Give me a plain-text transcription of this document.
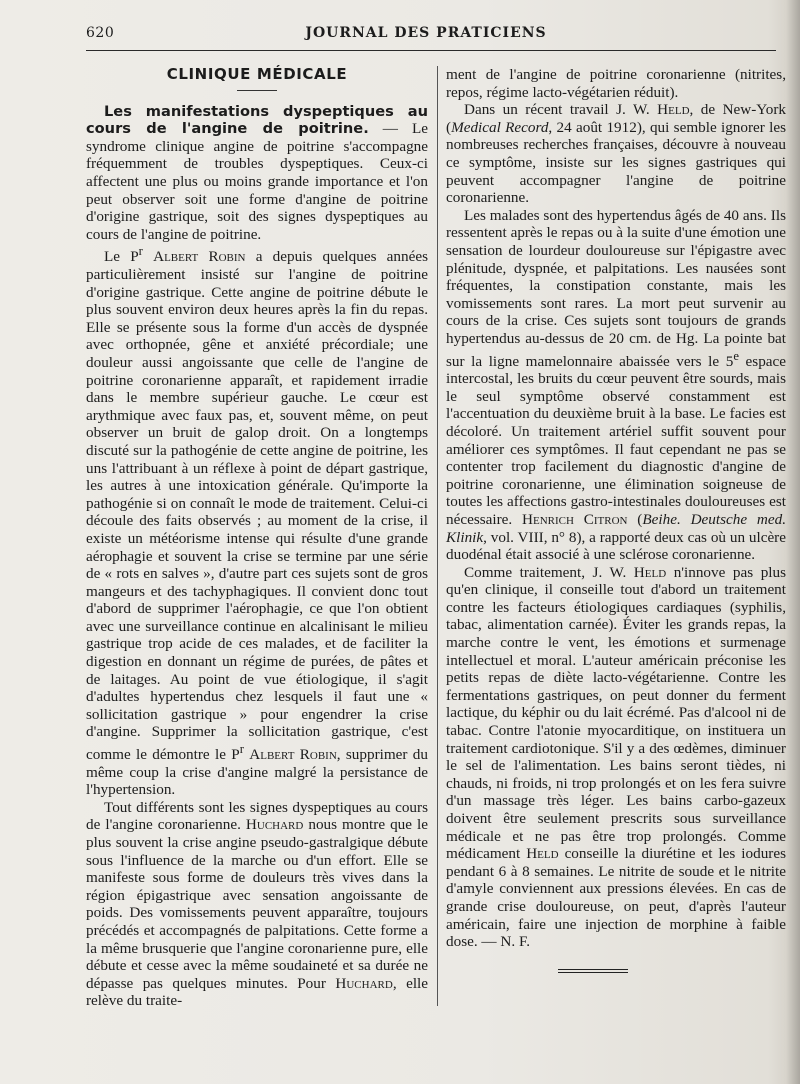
620	JOURNAL DES PRATICIENS
CLINIQUE MÉDICALE

Les manifestations dyspeptiques au cours de l'angine de poitrine. — Le syndrome clinique angine de poitrine s'accompagne fréquemment de troubles dyspeptiques. Ceux-ci affectent une plus ou moins grande importance et l'on peut observer soit une forme d'angine de poitrine d'origine gastrique, soit des signes dyspeptiques au cours de l'angine de poitrine.

Le $P^r$ Albert Robin a depuis quelques années particulièrement insisté sur l'angine de poitrine d'origine gastrique. Cette angine de poitrine débute le plus souvent environ deux heures après la fin du repas. Elle se présente sous la forme d'un accès de dyspnée avec orthopnée, gêne et anxiété précordiale; une douleur aussi angoissante que celle de l'angine de poitrine coronarienne apparaît, et rapidement irradie dans le membre supérieur gauche. Le cœur est arythmique avec faux pas, et, souvent même, on peut observer un bruit de galop droit. On a longtemps discuté sur la pathogénie de cette angine de poitrine, les uns l'attribuant à un réflexe à point de départ gastrique, les autres à une intoxication générale. Qu'importe la pathogénie si on connaît le mode de traitement. Celui-ci découle des faits observés ; au moment de la crise, il existe un météorisme intense qui résulte d'une grande aérophagie et souvent la crise se termine par une série de « rots en salves », d'autre part ces sujets sont de gros mangeurs et des tachyphagiques. Il convient donc tout d'abord de supprimer l'aérophagie, ce que l'on obtient avec une surveillance continue en alcalinisant le milieu gastrique trop acide de ces malades, et de faciliter la digestion en donnant un régime de purées, de pâtes et de laitages. Au point de vue étiologique, il s'agit d'adultes hypertendus chez lesquels il faut une « sollicitation gastrique » pour engendrer la crise d'angine. Supprimer la sollicitation gastrique, c'est comme le démontre le $P^r$ Albert Robin, supprimer du même coup la crise d'angine malgré la persistance de l'hypertension.

Tout différents sont les signes dyspeptiques au cours de l'angine coronarienne. Huchard nous montre que le plus souvent la crise angine pseudo-gastralgique débute sous l'influence de la marche ou d'un effort. Elle se manifeste sous forme de douleurs très vives dans la région épigastrique avec sensation angoissante de poids. Des vomissements peuvent apparaître, toujours précédés et accompagnés de palpitations. Cette forme a la même brusquerie que l'angine coronarienne pure, elle débute et cesse avec la même soudaineté et sa durée ne dépasse pas quelques minutes. Pour Huchard, elle relève du traite-

ment de l'angine de poitrine coronarienne (nitrites, repos, régime lacto-végétarien réduit).

Dans un récent travail J. W. Held, de New-York (Medical Record, 24 août 1912), qui semble ignorer les nombreuses recherches françaises, découvre à nouveau ce symptôme, insiste sur les signes gastriques qui peuvent accompagner l'angine de poitrine coronarienne.

Les malades sont des hypertendus âgés de 40 ans. Ils ressentent après le repas ou à la suite d'une émotion une sensation de lourdeur douloureuse sur l'épigastre avec plénitude, dyspnée, et palpitations. Les nausées sont fréquentes, la constipation constante, mais les vomissements sont rares. La mort peut survenir au cours de la crise. Ces sujets sont toujours de grands hypertendus au-dessus de 20 cm. de Hg. La pointe bat sur la ligne mamelonnaire abaissée vers le 5e espace intercostal, les bruits du cœur peuvent être sourds, mais le seul symptôme observé constamment est l'accentuation du deuxième bruit à la base. Le facies est décoloré. Un traitement artériel suffit souvent pour améliorer ces symptômes. Il faut cependant ne pas se contenter trop facilement du diagnostic d'angine de poitrine coronarienne, une élimination soigneuse de toutes les affections gastro-intestinales douloureuses est nécessaire. Henrich Citron (Beihe. Deutsche med. Klinik, vol. VIII, n° 8), a rapporté deux cas où un ulcère duodénal était associé à une sclérose coronarienne.

Comme traitement, J. W. Held n'innove pas plus qu'en clinique, il conseille tout d'abord un traitement contre les facteurs étiologiques cardiaques (syphilis, tabac, alimentation carnée). Éviter les grands repas, la marche contre le vent, les émotions et surmenage intellectuel et moral. L'auteur américain préconise les petits repas de diète lacto-végétarienne. Contre les fermentations gastriques, on peut donner du ferment lactique, du képhir ou du lait écrémé. Pas d'alcool ni de tabac. Contre l'atonie myocarditique, on instituera un traitement cardiotonique. S'il y a des œdèmes, diminuer le sel de l'alimentation. Les bains seront tièdes, ni chauds, ni froids, ni trop prolongés et on les fera suivre d'un massage très léger. Les bains carbo-gazeux doivent être seulement prescrits sous surveillance médicale et ne pas être trop prolongés. Comme médicament Held conseille la diurétine et les iodures pendant 6 à 8 semaines. Le nitrite de soude et le nitrite d'amyle conviennent aux pressions élevées. En cas de grande crise douloureuse, on peut, d'après l'auteur américain, faire une injection de morphine à faible dose. — N. F.
